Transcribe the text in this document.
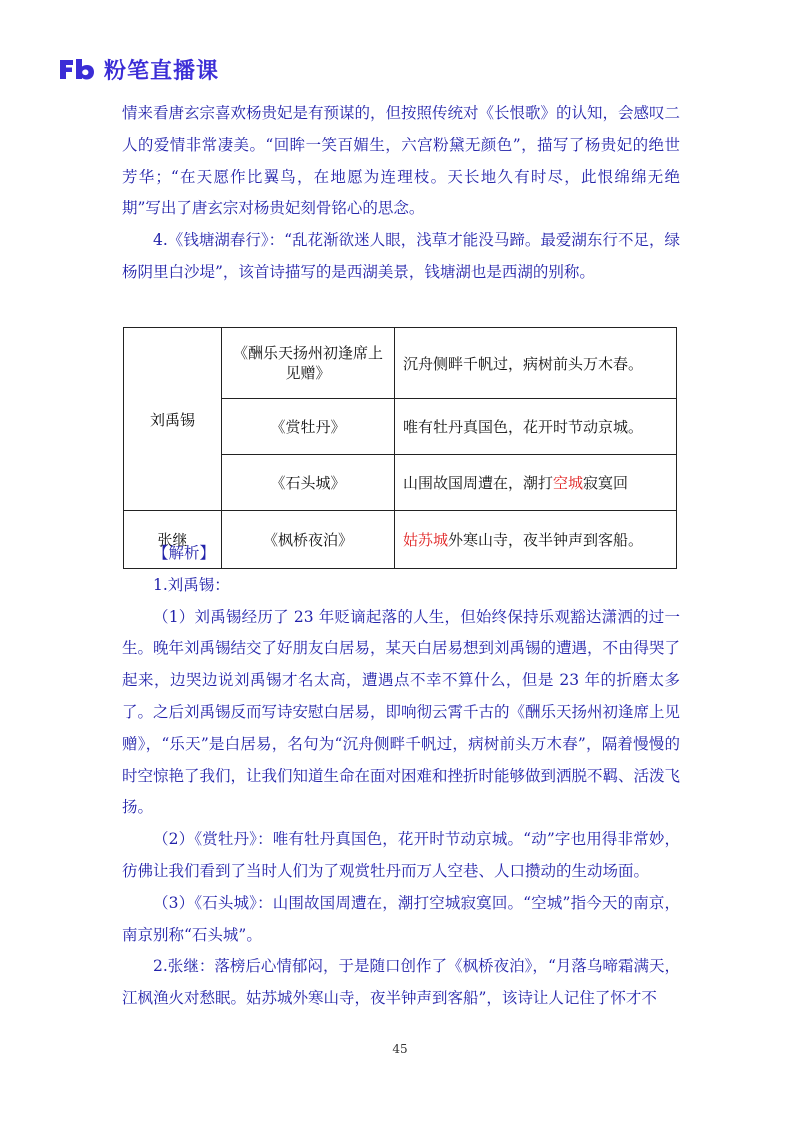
粉笔直播课

情来看唐玄宗喜欢杨贵妃是有预谋的，但按照传统对《长恨歌》的认知，会感叹二人的爱情非常凄美。“回眸一笑百媚生，六宫粉黛无颜色”，描写了杨贵妃的绝世芳华；“在天愿作比翼鸟，在地愿为连理枝。天长地久有时尽，此恨绵绵无绝期”写出了唐玄宗对杨贵妃刻骨铭心的思念。

4.《钱塘湖春行》：“乱花渐欲迷人眼，浅草才能没马蹄。最爱湖东行不足，绿杨阴里白沙堤”，该首诗描写的是西湖美景，钱塘湖也是西湖的别称。

刘禹锡	《酬乐天扬州初逢席上见赠》	沉舟侧畔千帆过，病树前头万木春。
	《赏牡丹》	唯有牡丹真国色，花开时节动京城。
	《石头城》	山围故国周遭在，潮打空城寂寞回
张继	《枫桥夜泊》	姑苏城外寒山寺，夜半钟声到客船。

【解析】

1.刘禹锡：

（1）刘禹锡经历了 23 年贬谪起落的人生，但始终保持乐观豁达潇洒的过一生。晚年刘禹锡结交了好朋友白居易，某天白居易想到刘禹锡的遭遇，不由得哭了起来，边哭边说刘禹锡才名太高，遭遇点不幸不算什么，但是 23 年的折磨太多了。之后刘禹锡反而写诗安慰白居易，即响彻云霄千古的《酬乐天扬州初逢席上见赠》，“乐天”是白居易，名句为“沉舟侧畔千帆过，病树前头万木春”，隔着慢慢的时空惊艳了我们，让我们知道生命在面对困难和挫折时能够做到洒脱不羁、活泼飞扬。

（2）《赏牡丹》：唯有牡丹真国色，花开时节动京城。“动”字也用得非常妙，彷佛让我们看到了当时人们为了观赏牡丹而万人空巷、人口攒动的生动场面。

（3）《石头城》：山围故国周遭在，潮打空城寂寞回。“空城”指今天的南京，南京别称“石头城”。

2.张继：落榜后心情郁闷，于是随口创作了《枫桥夜泊》，“月落乌啼霜满天，江枫渔火对愁眠。姑苏城外寒山寺，夜半钟声到客船”，该诗让人记住了怀才不

45
